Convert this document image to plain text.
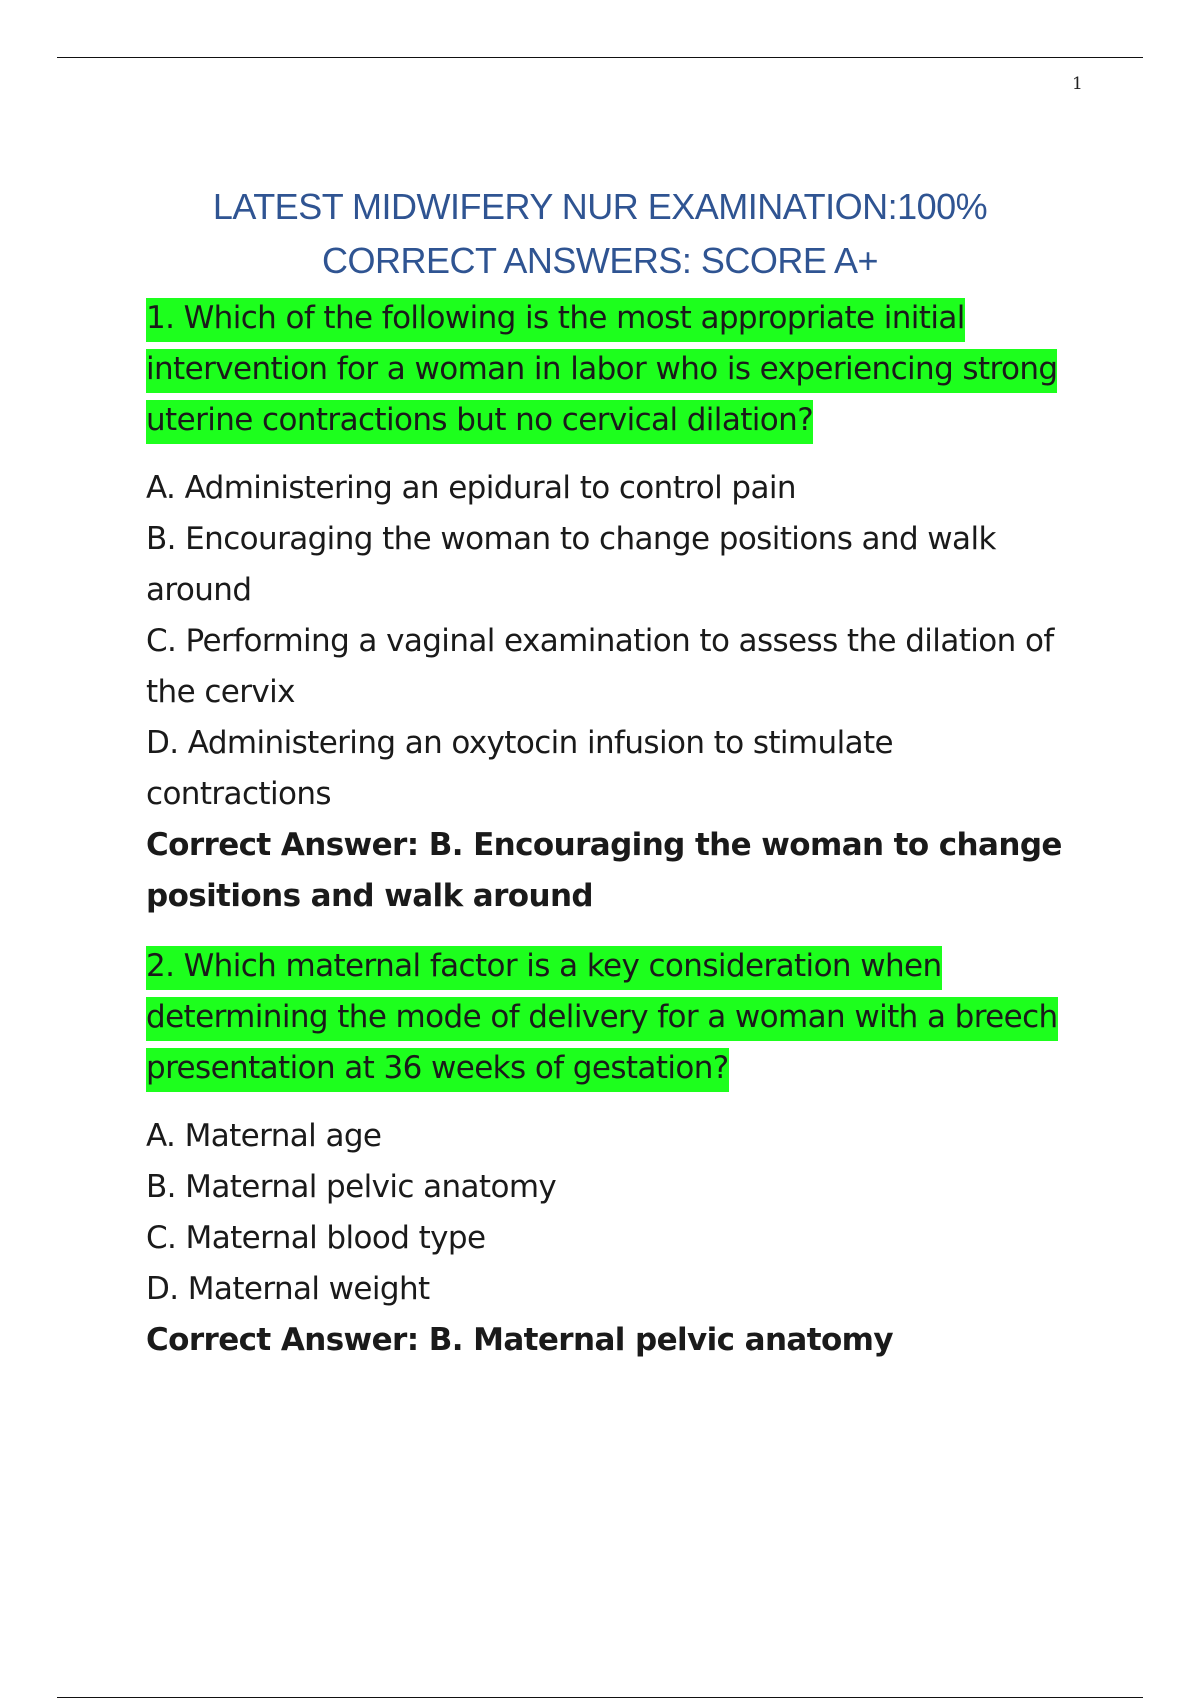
1
LATEST MIDWIFERY NUR EXAMINATION:100%
CORRECT ANSWERS: SCORE A+
1. Which of the following is the most appropriate initial
intervention for a woman in labor who is experiencing strong
uterine contractions but no cervical dilation?
A. Administering an epidural to control pain
B. Encouraging the woman to change positions and walk
around
C. Performing a vaginal examination to assess the dilation of
the cervix
D. Administering an oxytocin infusion to stimulate
contractions
Correct Answer: B. Encouraging the woman to change
positions and walk around
2. Which maternal factor is a key consideration when
determining the mode of delivery for a woman with a breech
presentation at 36 weeks of gestation?
A. Maternal age
B. Maternal pelvic anatomy
C. Maternal blood type
D. Maternal weight
Correct Answer: B. Maternal pelvic anatomy
